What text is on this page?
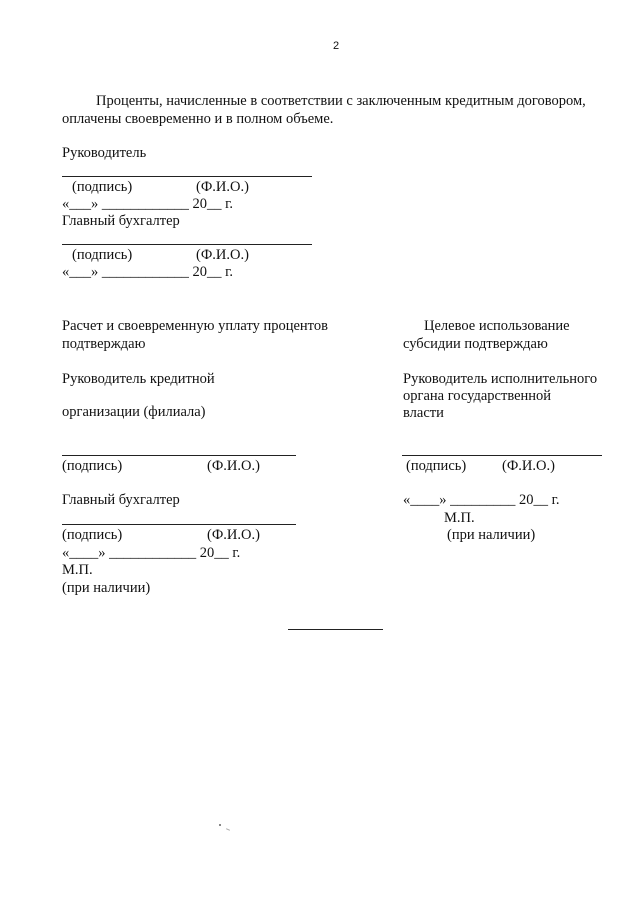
2
Проценты, начисленные в соответствии с заключенным кредитным договором,
оплачены своевременно и в полном объеме.
Руководитель
(подпись)	(Ф.И.О.)
«___» ____________ 20__ г.
Главный бухгалтер
(подпись)	(Ф.И.О.)
«___» ____________ 20__ г.
Расчет и своевременную уплату процентов
подтверждаю
Руководитель кредитной
организации (филиала)
(подпись)	(Ф.И.О.)
Главный бухгалтер
(подпись)	(Ф.И.О.)
«____» ____________ 20__ г.
М.П.
(при наличии)
Целевое использование
субсидии подтверждаю
Руководитель исполнительного
органа государственной
власти
(подпись) (Ф.И.О.)
«____» _________ 20__ г.
М.П.
(при наличии)
